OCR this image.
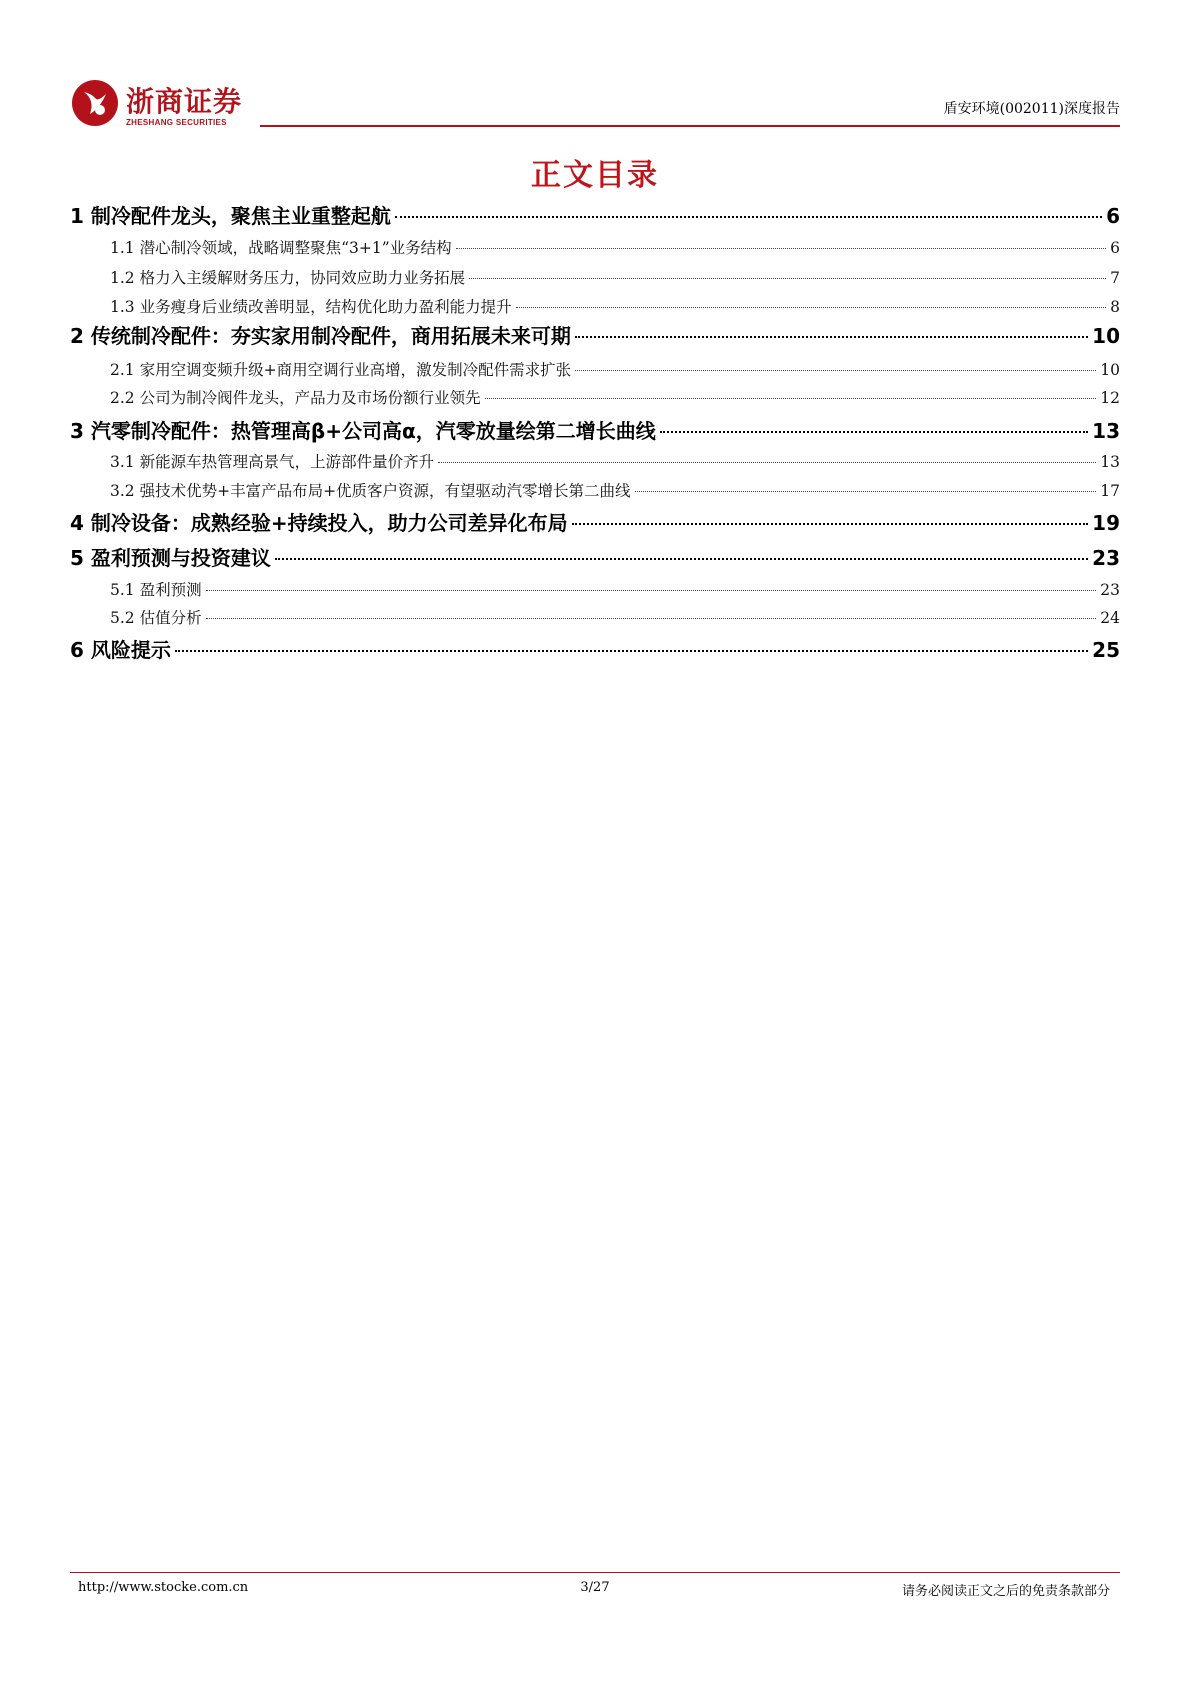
浙商证券
ZHESHANG SECURITIES
盾安环境(002011)深度报告
正文目录
1 制冷配件龙头，聚焦主业重整起航	6
1.1 潜心制冷领域，战略调整聚焦“3+1”业务结构	6
1.2 格力入主缓解财务压力，协同效应助力业务拓展	7
1.3 业务瘦身后业绩改善明显，结构优化助力盈利能力提升	8
2 传统制冷配件：夯实家用制冷配件，商用拓展未来可期	10
2.1 家用空调变频升级+商用空调行业高增，激发制冷配件需求扩张	10
2.2 公司为制冷阀件龙头，产品力及市场份额行业领先	12
3 汽零制冷配件：热管理高β+公司高α，汽零放量绘第二增长曲线	13
3.1 新能源车热管理高景气，上游部件量价齐升	13
3.2 强技术优势+丰富产品布局+优质客户资源，有望驱动汽零增长第二曲线	17
4 制冷设备：成熟经验+持续投入，助力公司差异化布局	19
5 盈利预测与投资建议	23
5.1 盈利预测	23
5.2 估值分析	24
6 风险提示	25
http://www.stocke.com.cn	3/27	请务必阅读正文之后的免责条款部分
